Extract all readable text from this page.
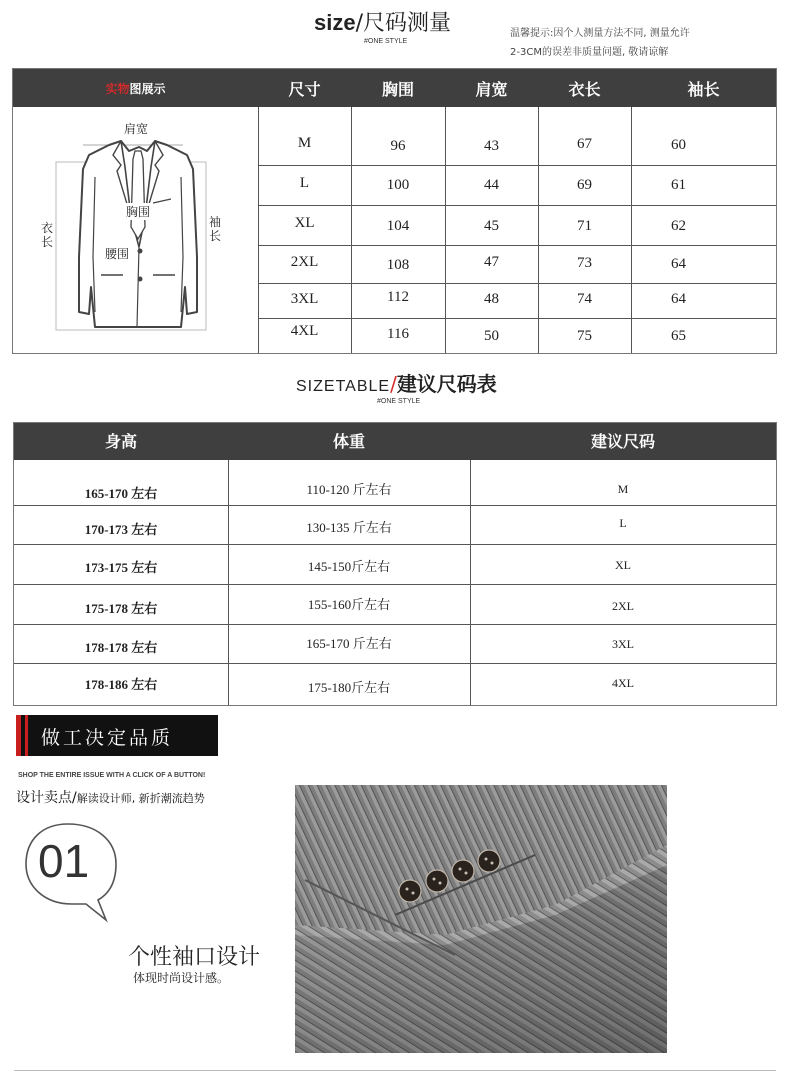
size/尺码测量
#ONE STYLE
温馨提示:因个人测量方法不同, 测量允许
2-3CM的误差非质量问题, 敬请谅解
实物图展示	尺寸	胸围	肩宽	衣长	袖长
肩宽
胸围
腰围
衣
长
袖
长
M	96	43	67	60
L	100	44	69	61
XL	104	45	71	62
2XL	108	47	73	64
3XL	112	48	74	64
4XL	116	50	75	65
SIZETABLE/建议尺码表
#ONE STYLE
身高	体重	建议尺码
165-170 左右	110-120 斤左右	M
170-173 左右	130-135 斤左右	L
173-175 左右	145-150斤左右	XL
175-178 左右	155-160斤左右	2XL
178-178 左右	165-170 斤左右	3XL
178-186 左右	175-180斤左右	4XL
做工决定品质
SHOP THE ENTIRE ISSUE WITH A CLICK OF A BUTTON!
设计卖点/解读设计师, 新折潮流趋势
01
个性袖口设计
体现时尚设计感。
